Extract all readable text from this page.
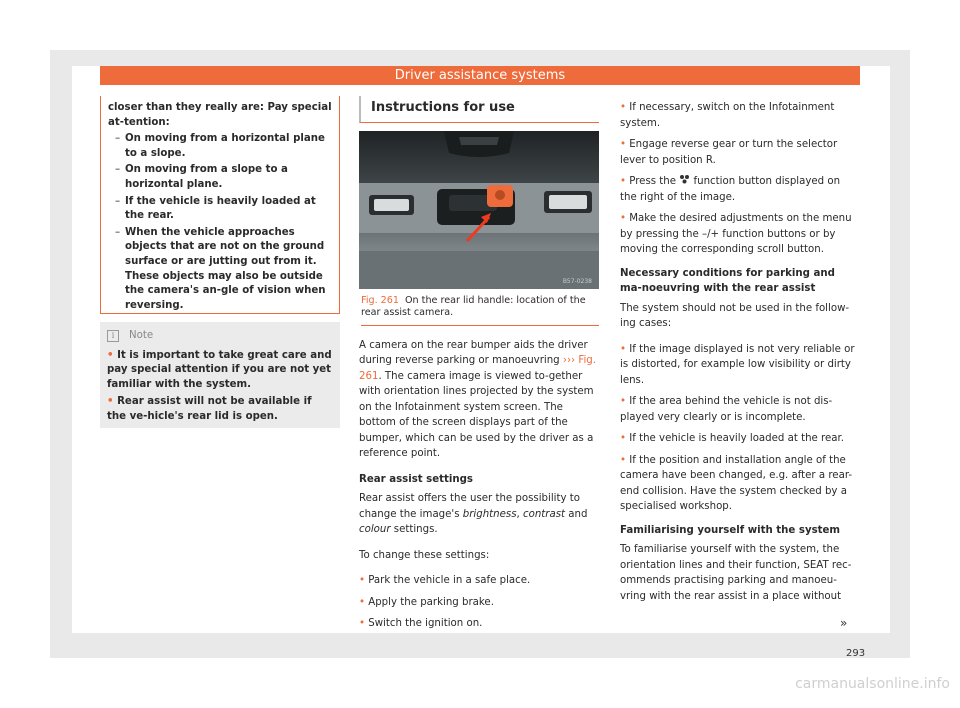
Driver assistance systems

closer than they really are: Pay special at-tention:

– On moving from a horizontal plane to a slope.
– On moving from a slope to a horizontal plane.
– If the vehicle is heavily loaded at the rear.
– When the vehicle approaches objects that are not on the ground surface or are jutting out from it. These objects may also be outside the camera's an-gle of vision when reversing.
i	Note
• It is important to take great care and pay special attention if you are not yet familiar with the system.
• Rear assist will not be available if the ve-hicle's rear lid is open.
Instructions for use
B57-0238
Fig. 261 On the rear lid handle: location of the rear assist camera.

A camera on the rear bumper aids the driver during reverse parking or manoeuvring ››› Fig. 261. The camera image is viewed to-gether with orientation lines projected by the system on the Infotainment system screen. The bottom of the screen displays part of the bumper, which can be used by the driver as a reference point.

Rear assist settings

Rear assist offers the user the possibility to change the image's brightness, contrast and colour settings.

To change these settings:

• Park the vehicle in a safe place.
• Apply the parking brake.
• Switch the ignition on.
• If necessary, switch on the Infotainment system.
• Engage reverse gear or turn the selector lever to position R.
• Press the function button displayed on the right of the image.
• Make the desired adjustments on the menu by pressing the –/+ function buttons or by moving the corresponding scroll button.
Necessary conditions for parking and ma-noeuvring with the rear assist

The system should not be used in the follow-ing cases:

• If the image displayed is not very reliable or is distorted, for example low visibility or dirty lens.
• If the area behind the vehicle is not dis-played very clearly or is incomplete.
• If the vehicle is heavily loaded at the rear.
• If the position and installation angle of the camera have been changed, e.g. after a rear-end collision. Have the system checked by a specialised workshop.
Familiarising yourself with the system

To familiarise yourself with the system, the orientation lines and their function, SEAT rec-ommends practising parking and manoeu-vring with the rear assist in a place without

»
293
carmanualsonline.info
